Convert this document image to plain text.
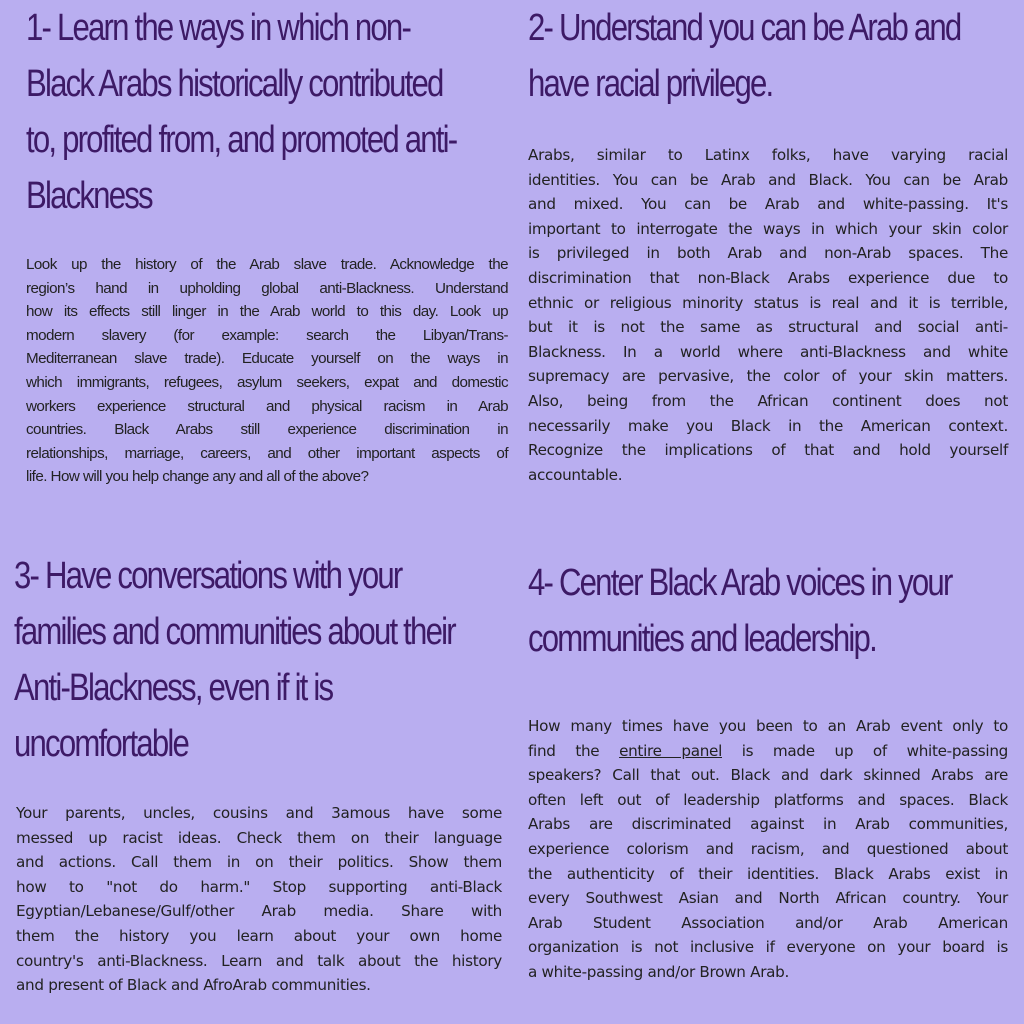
1- Learn the ways in which non-
Black Arabs historically contributed
to, profited from, and promoted anti-
Blackness
Look up the history of the Arab slave trade. Acknowledge the
region’s hand in upholding global anti-Blackness. Understand
how its effects still linger in the Arab world to this day. Look up
modern slavery (for example: search the Libyan/Trans-
Mediterranean slave trade). Educate yourself on the ways in
which immigrants, refugees, asylum seekers, expat and domestic
workers experience structural and physical racism in Arab
countries. Black Arabs still experience discrimination in
relationships, marriage, careers, and other important aspects of
life. How will you help change any and all of the above?
2- Understand you can be Arab and
have racial privilege.
Arabs, similar to Latinx folks, have varying racial
identities. You can be Arab and Black. You can be Arab
and mixed. You can be Arab and white-passing. It's
important to interrogate the ways in which your skin color
is privileged in both Arab and non-Arab spaces. The
discrimination that non-Black Arabs experience due to
ethnic or religious minority status is real and it is terrible,
but it is not the same as structural and social anti-
Blackness. In a world where anti-Blackness and white
supremacy are pervasive, the color of your skin matters.
Also, being from the African continent does not
necessarily make you Black in the American context.
Recognize the implications of that and hold yourself
accountable.
3- Have conversations with your
families and communities about their
Anti-Blackness, even if it is
uncomfortable
Your parents, uncles, cousins and 3amous have some
messed up racist ideas. Check them on their language
and actions. Call them in on their politics. Show them
how to "not do harm." Stop supporting anti-Black
Egyptian/Lebanese/Gulf/other Arab media. Share with
them the history you learn about your own home
country's anti-Blackness. Learn and talk about the history
and present of Black and AfroArab communities.
4- Center Black Arab voices in your
communities and leadership.
How many times have you been to an Arab event only to
find the entire panel is made up of white-passing
speakers? Call that out. Black and dark skinned Arabs are
often left out of leadership platforms and spaces. Black
Arabs are discriminated against in Arab communities,
experience colorism and racism, and questioned about
the authenticity of their identities. Black Arabs exist in
every Southwest Asian and North African country. Your
Arab Student Association and/or Arab American
organization is not inclusive if everyone on your board is
a white-passing and/or Brown Arab.
